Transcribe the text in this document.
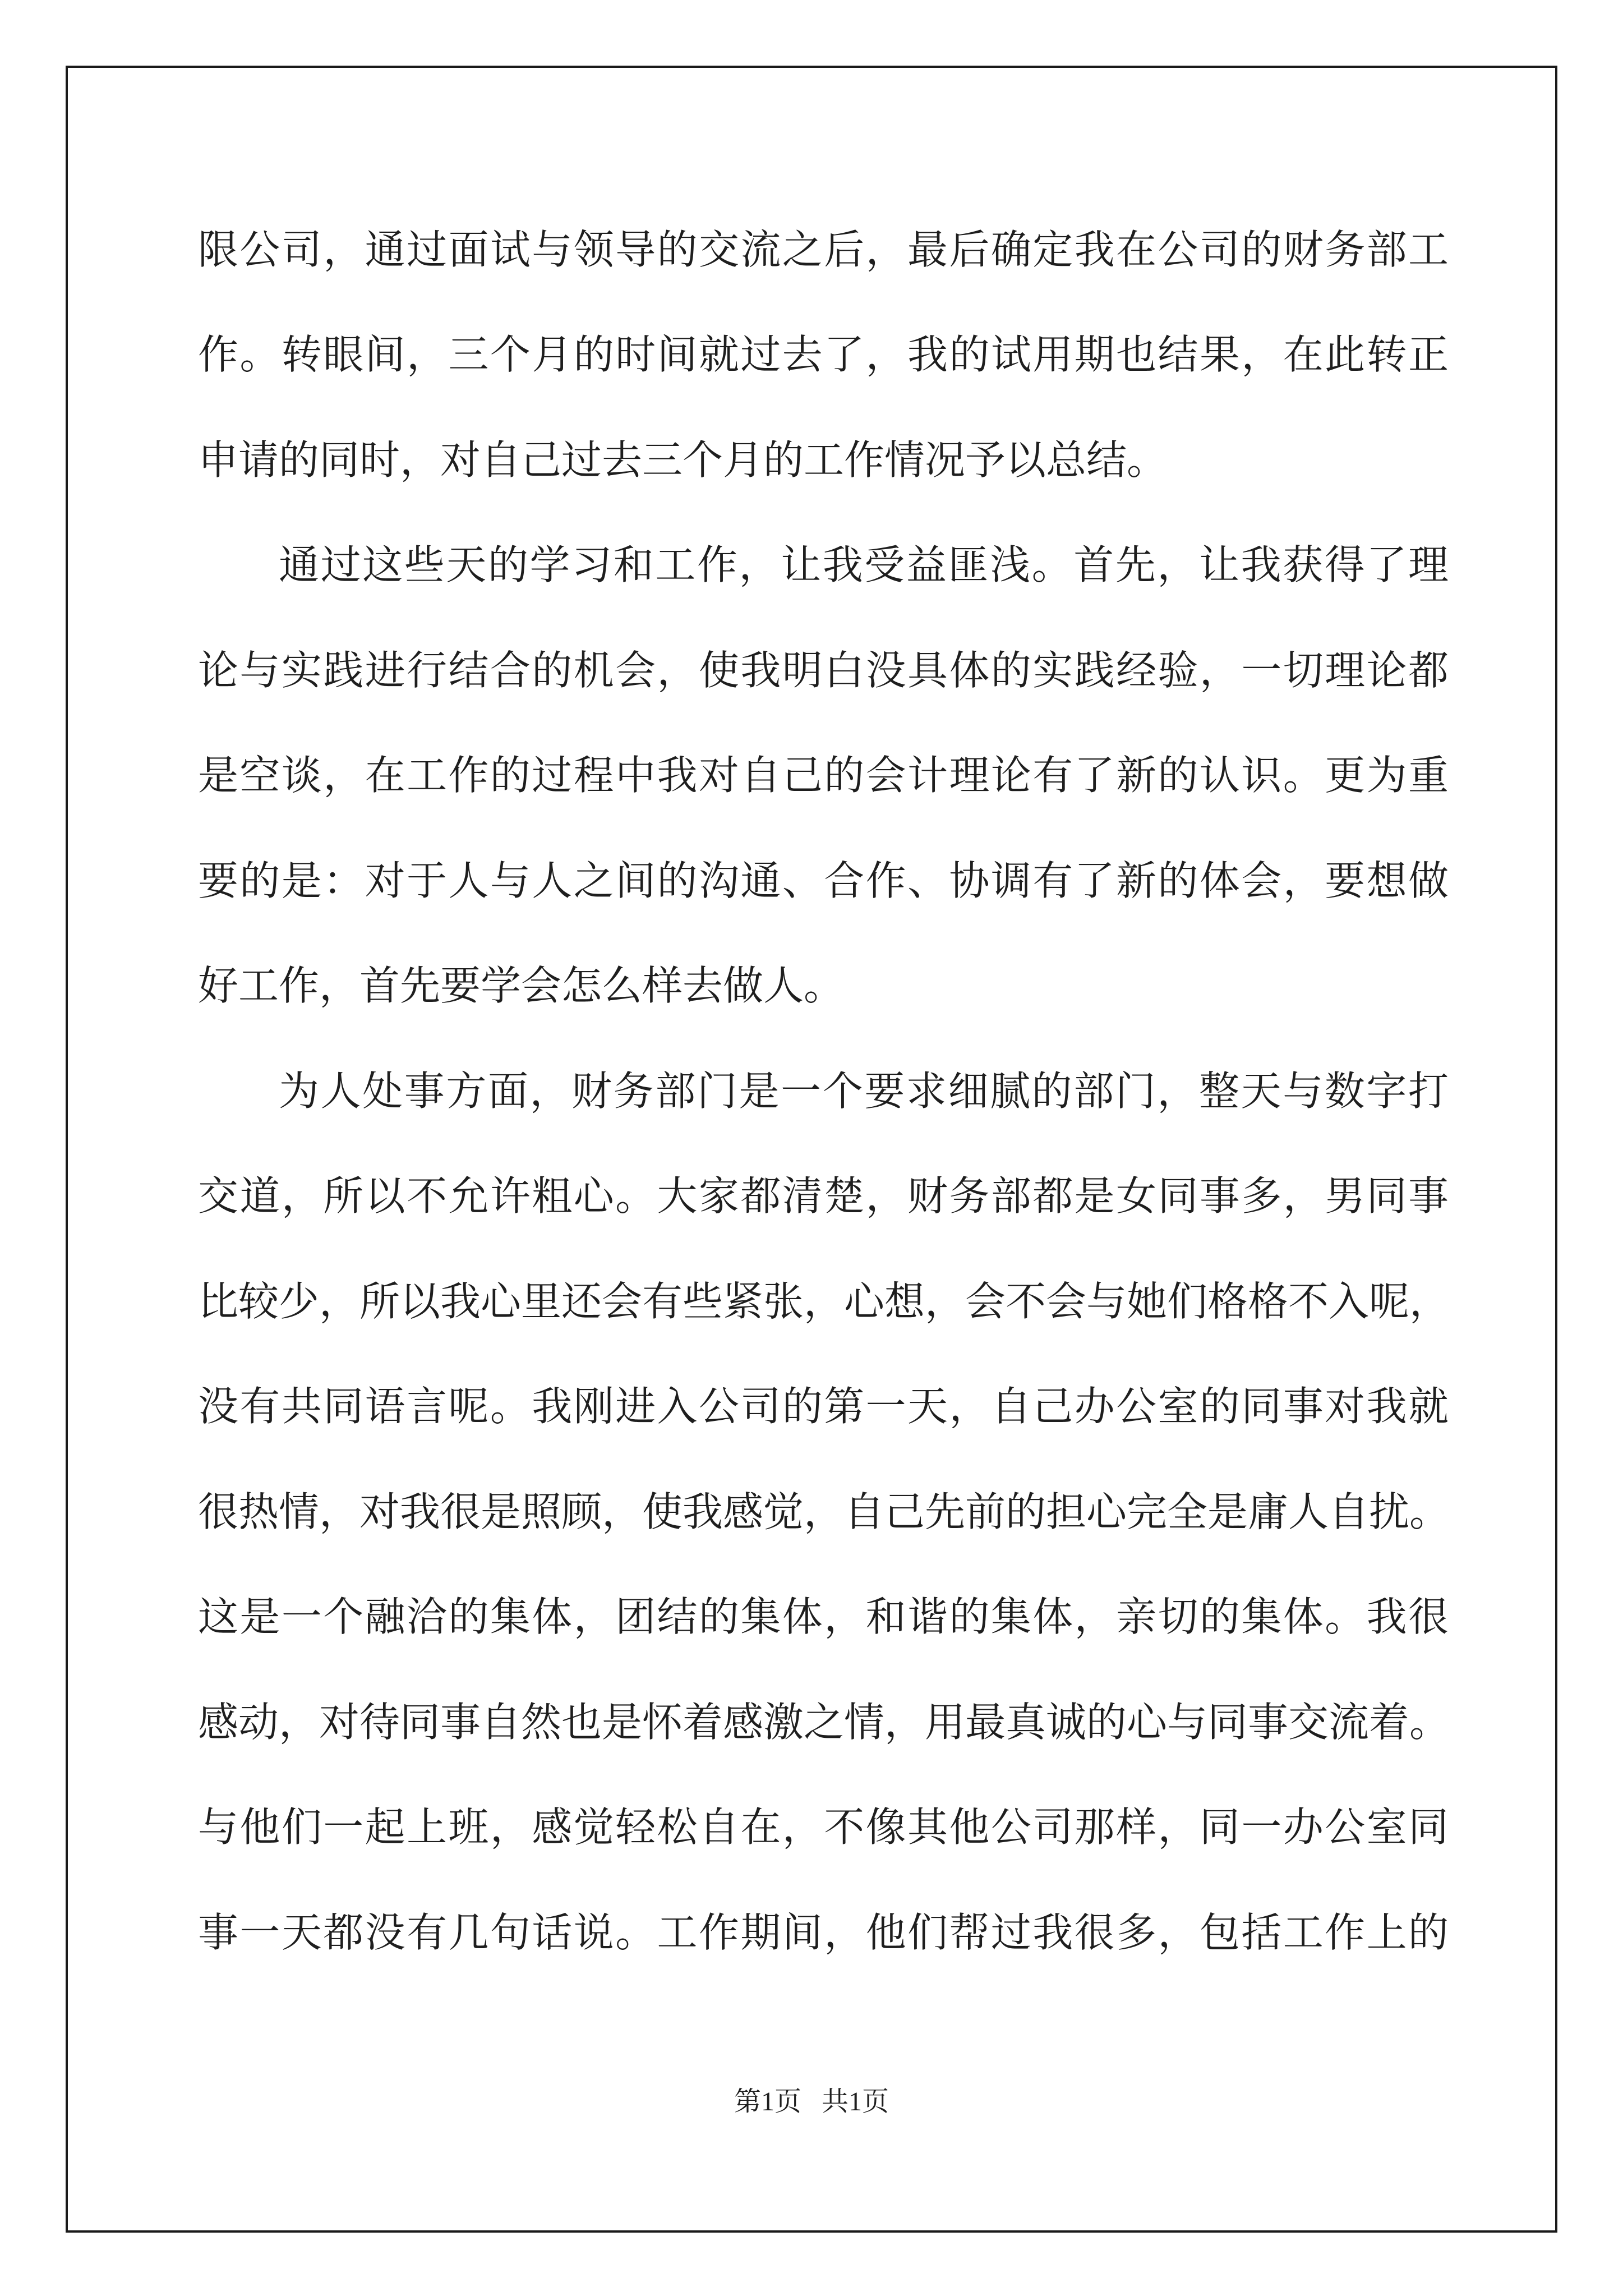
限公司，通过面试与领导的交流之后，最后确定我在公司的财务部工

作。转眼间，三个月的时间就过去了，我的试用期也结果，在此转正

申请的同时，对自己过去三个月的工作情况予以总结。

通过这些天的学习和工作，让我受益匪浅。首先，让我获得了理

论与实践进行结合的机会，使我明白没具体的实践经验，一切理论都

是空谈，在工作的过程中我对自己的会计理论有了新的认识。更为重

要的是：对于人与人之间的沟通、合作、协调有了新的体会，要想做

好工作，首先要学会怎么样去做人。

为人处事方面，财务部门是一个要求细腻的部门，整天与数字打

交道，所以不允许粗心。大家都清楚，财务部都是女同事多，男同事

比较少，所以我心里还会有些紧张，心想，会不会与她们格格不入呢，

没有共同语言呢。我刚进入公司的第一天，自己办公室的同事对我就

很热情，对我很是照顾，使我感觉，自己先前的担心完全是庸人自扰。

这是一个融洽的集体，团结的集体，和谐的集体，亲切的集体。我很

感动，对待同事自然也是怀着感激之情，用最真诚的心与同事交流着。

与他们一起上班，感觉轻松自在，不像其他公司那样，同一办公室同

事一天都没有几句话说。工作期间，他们帮过我很多，包括工作上的

第1页   共1页
